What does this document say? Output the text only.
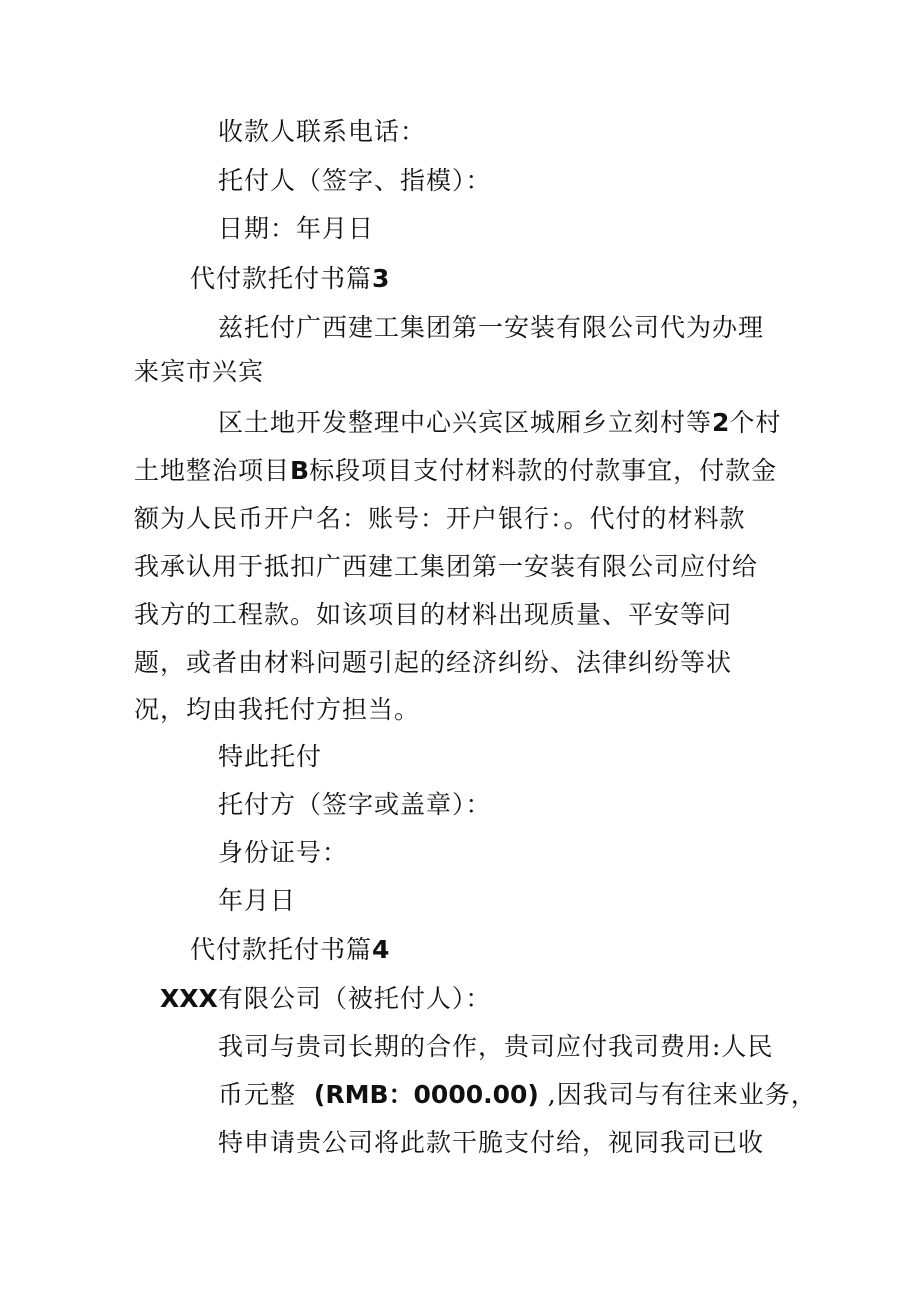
收款人联系电话：
托付人（签字、指模）：
日期：年月日
代付款托付书篇3
兹托付广西建工集团第一安装有限公司代为办理
来宾市兴宾
区土地开发整理中心兴宾区城厢乡立刻村等2个村
土地整治项目B标段项目支付材料款的付款事宜，付款金
额为人民币开户名：账号：开户银行：。代付的材料款
我承认用于抵扣广西建工集团第一安装有限公司应付给
我方的工程款。如该项目的材料出现质量、平安等问
题，或者由材料问题引起的经济纠纷、法律纠纷等状
况，均由我托付方担当。
特此托付
托付方（签字或盖章）：
身份证号：
年月日
代付款托付书篇4
XXX有限公司（被托付人）：
我司与贵司长期的合作，贵司应付我司费用:人民
币元整 (RMB：0000.00) ,因我司与有往来业务，
特申请贵公司将此款干脆支付给，视同我司已收
